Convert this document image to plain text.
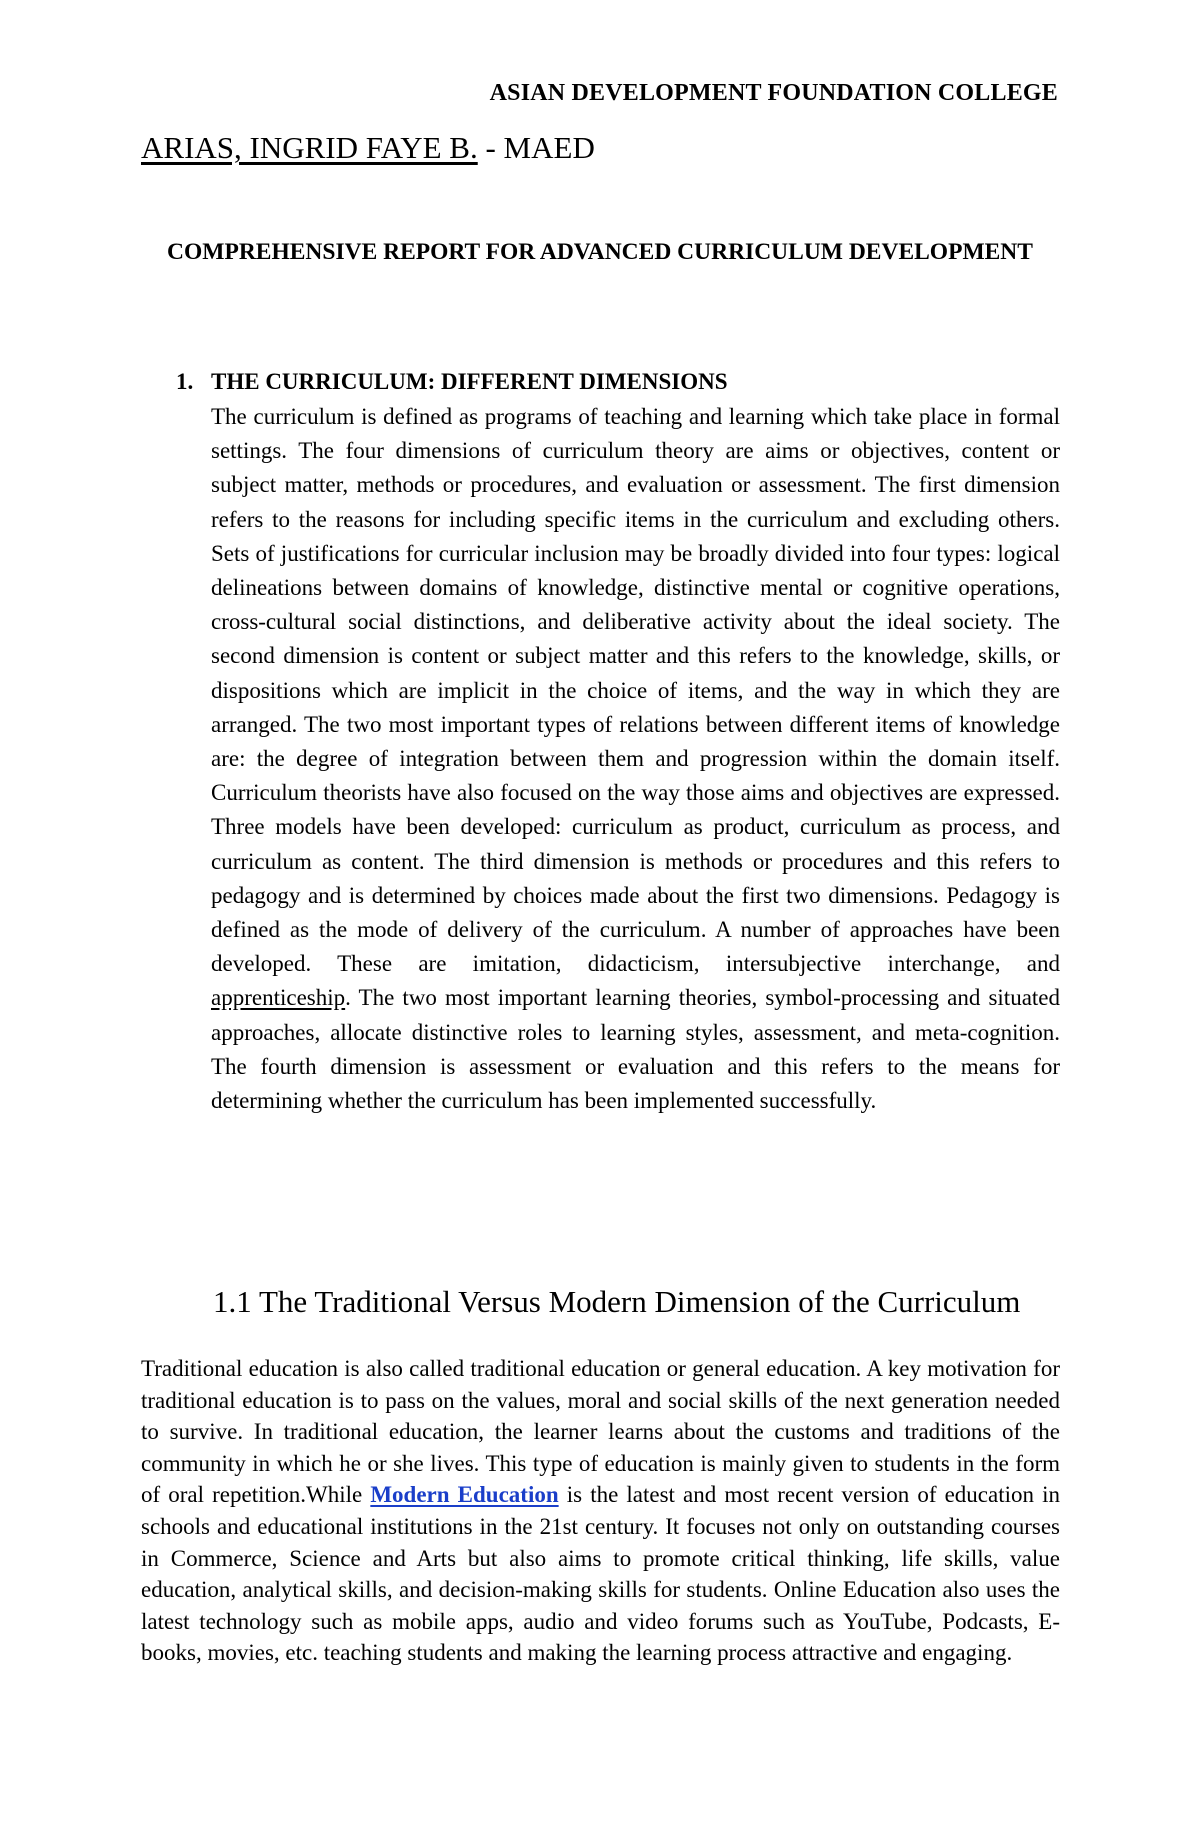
ASIAN DEVELOPMENT FOUNDATION COLLEGE
ARIAS, INGRID FAYE B. - MAED
COMPREHENSIVE REPORT FOR ADVANCED CURRICULUM DEVELOPMENT
1. THE CURRICULUM: DIFFERENT DIMENSIONS

The curriculum is defined as programs of teaching and learning which take place in formal settings. The four dimensions of curriculum theory are aims or objectives, content or subject matter, methods or procedures, and evaluation or assessment. The first dimension refers to the reasons for including specific items in the curriculum and excluding others. Sets of justifications for curricular inclusion may be broadly divided into four types: logical delineations between domains of knowledge, distinctive mental or cognitive operations, cross-cultural social distinctions, and deliberative activity about the ideal society. The second dimension is content or subject matter and this refers to the knowledge, skills, or dispositions which are implicit in the choice of items, and the way in which they are arranged. The two most important types of relations between different items of knowledge are: the degree of integration between them and progression within the domain itself. Curriculum theorists have also focused on the way those aims and objectives are expressed. Three models have been developed: curriculum as product, curriculum as process, and curriculum as content. The third dimension is methods or procedures and this refers to pedagogy and is determined by choices made about the first two dimensions. Pedagogy is defined as the mode of delivery of the curriculum. A number of approaches have been developed. These are imitation, didacticism, intersubjective interchange, and apprenticeship. The two most important learning theories, symbol-processing and situated approaches, allocate distinctive roles to learning styles, assessment, and meta-cognition. The fourth dimension is assessment or evaluation and this refers to the means for determining whether the curriculum has been implemented successfully.

1.1 The Traditional Versus Modern Dimension of the Curriculum

Traditional education is also called traditional education or general education. A key motivation for traditional education is to pass on the values, moral and social skills of the next generation needed to survive. In traditional education, the learner learns about the customs and traditions of the community in which he or she lives. This type of education is mainly given to students in the form of oral repetition.While Modern Education is the latest and most recent version of education in schools and educational institutions in the 21st century. It focuses not only on outstanding courses in Commerce, Science and Arts but also aims to promote critical thinking, life skills, value education, analytical skills, and decision-making skills for students. Online Education also uses the latest technology such as mobile apps, audio and video forums such as YouTube, Podcasts, E-books, movies, etc. teaching students and making the learning process attractive and engaging.
